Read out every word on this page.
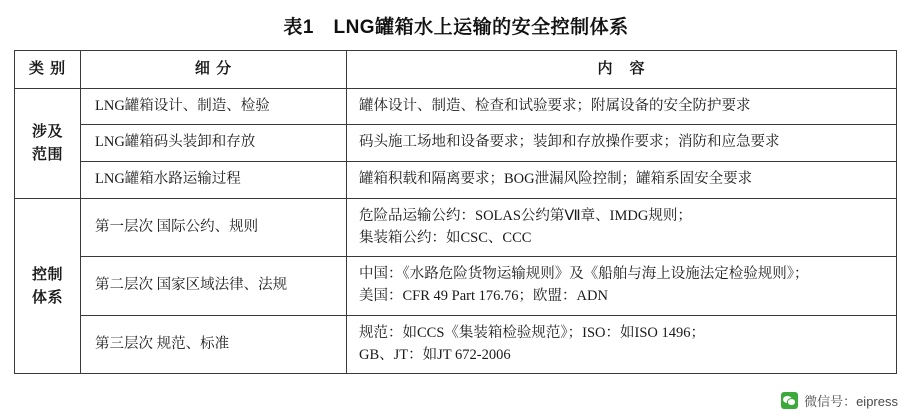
表1　LNG罐箱水上运输的安全控制体系
类 别	细 分	内　容

涉及
范围	LNG罐箱设计、制造、检验	罐体设计、制造、检查和试验要求；附属设备的安全防护要求

	LNG罐箱码头装卸和存放	码头施工场地和设备要求；装卸和存放操作要求；消防和应急要求

	LNG罐箱水路运输过程	罐箱积载和隔离要求；BOG泄漏风险控制；罐箱系固安全要求

控制
体系	第一层次 国际公约、规则	危险品运输公约：SOLAS公约第Ⅶ章、IMDG规则；
集装箱公约：如CSC、CCC

	第二层次 国家区域法律、法规	中国：《水路危险货物运输规则》及《船舶与海上设施法定检验规则》；
美国：CFR 49 Part 176.76；欧盟：ADN

	第三层次 规范、标准	规范：如CCS《集装箱检验规范》；ISO：如ISO 1496；
GB、JT：如JT 672-2006
微信号：eipress
